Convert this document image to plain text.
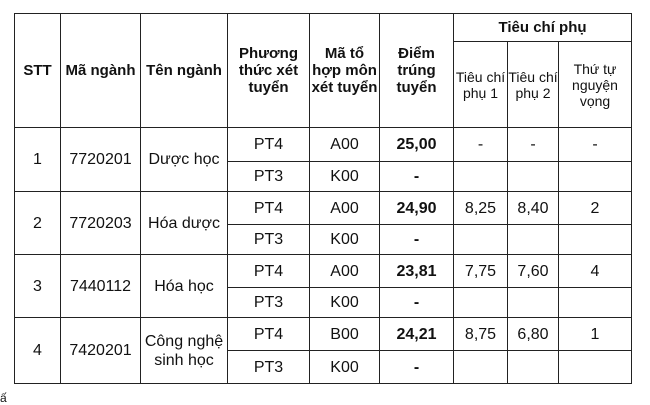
STT	Mã ngành	Tên ngành	Phương thức xét tuyển	Mã tổ hợp môn xét tuyển	Điểm trúng tuyển	Tiêu chí phụ		
						Tiêu chí phụ 1	Tiêu chí phụ 2	Thứ tự nguyện vọng
1	7720201	Dược học	PT4	A00	25,00	-	-	-
			PT3	K00	-			
2	7720203	Hóa dược	PT4	A00	24,90	8,25	8,40	2
			PT3	K00	-			
3	7440112	Hóa học	PT4	A00	23,81	7,75	7,60	4
			PT3	K00	-			
4	7420201	Công nghệ sinh học	PT4	B00	24,21	8,75	6,80	1
			PT3	K00	-			
ấ
